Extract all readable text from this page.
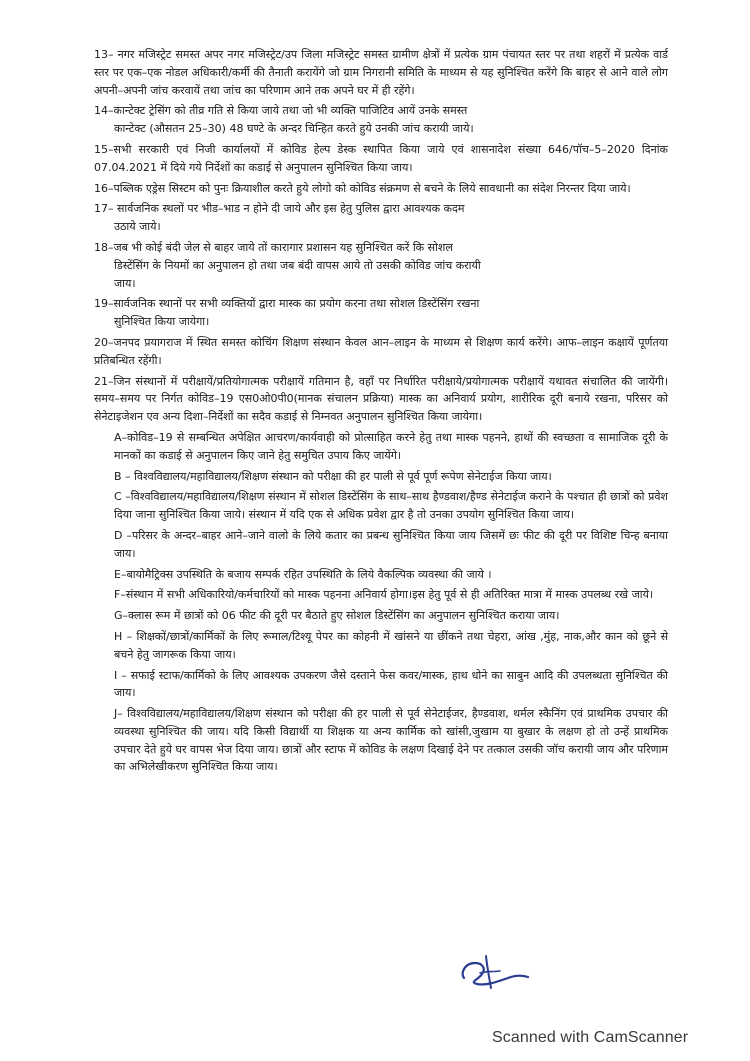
13– नगर मजिस्ट्रेट समस्त अपर नगर मजिस्ट्रेट/उप जिला मजिस्ट्रेट समस्त ग्रामीण क्षेत्रों में प्रत्येक ग्राम पंचायत स्तर पर तथा शहरों में प्रत्येक वार्ड स्तर पर एक–एक नोडल अधिकारी/कर्मी की तैनाती करायेंगे जो ग्राम निगरानी समिति के माध्यम से यह सुनिश्चित करेंगे कि बाहर से आने वाले लोग अपनी–अपनी जांच करवायें तथा जांच का परिणाम आने तक अपने घर में ही रहेंगे।

14–कान्टेक्ट ट्रेसिंग को तीव्र गति से किया जाये तथा जो भी व्यक्ति पाजिटिव आयें उनके समस्त

कान्टेक्ट (औसतन 25–30) 48 घण्टे के अन्दर चिन्हित करते हुये उनकी जांच करायी जाये।

15–सभी सरकारी एवं निजी कार्यालयों में कोविड हेल्प डेस्क स्थापित किया जाये एवं शासनादेश संख्या 646/पॉच–5–2020 दिनांक 07.04.2021 में दिये गये निर्देशों का कडाई से अनुपालन सुनिश्चित किया जाय।

16–पब्लिक एड्रेस सिस्टम को पुनः क्रियाशील करते हुये लोगो को कोविड संक्रमण से बचने के लिये सावधानी का संदेश निरन्तर दिया जाये।

17– सार्वजनिक स्थलों पर भीड–भाड न होने दी जाये और इस हेतु पुलिस द्वारा आवश्यक कदम

उठाये जाये।

18–जब भी कोई बंदी जेल से बाहर जाये तों कारागार प्रशासन यह सुनिश्चित करें कि सोशल

डिस्टेंसिंग के नियमों का अनुपालन हो तथा जब बंदी वापस आये तो उसकी कोविड जांच करायी

जाय।

19–सार्वजनिक स्थानों पर सभी व्यक्तियों द्वारा मास्क का प्रयोग करना तथा सोशल डिस्टेंसिंग रखना

सुनिश्चित किया जायेगा।

20–जनपद प्रयागराज में स्थित समस्त कोचिंग शिक्षण संस्थान केवल आन–लाइन के माध्यम से शिक्षण कार्य करेंगे। आफ–लाइन कक्षायें पूर्णतया प्रतिबन्धित रहेंगी।

21–जिन संस्थानों में परीक्षायें/प्रतियोगात्मक परीक्षायें गतिमान है, वहाँ पर निर्धारित परीक्षाये/प्रयोगात्मक परीक्षायें यथावत संचालित की जायेंगी। समय–समय पर निर्गत कोविड–19 एस0ओ0पी0(मानक संचालन प्रक्रिया) मास्क का अनिवार्य प्रयोग, शारीरिक दूरी बनाये रखना, परिसर को सेनेटाइजेशन एव अन्य दिशा–निर्देशों का सदैव कडाई से निम्नवत अनुपालन सुनिश्चित किया जायेगा।

A–कोविड–19 से सम्बन्धित अपेक्षित आचरण/कार्यवाही को प्रोत्साहित करने हेतु तथा मास्क पहनने, हाथों की स्वच्छता व सामाजिक दूरी के मानकों का कडाई से अनुपालन किए जाने हेतु समुचित उपाय किए जायेंगे।

B – विश्वविद्यालय/महाविद्यालय/शिक्षण संस्थान को परीक्षा की हर पाली से पूर्व पूर्ण रूपेण सेनेटाईज किया जाय।

C –विश्वविद्यालय/महाविद्यालय/शिक्षण संस्थान में सोशल डिस्टेंसिंग के साथ–साथ हैण्डवाश/हैण्ड सेनेटाईज कराने के पश्चात ही छात्रों को प्रवेश दिया जाना सुनिश्चित किया जाये। संस्थान में यदि एक से अधिक प्रवेश द्वार है तो उनका उपयोग सुनिश्चित किया जाय।

D –परिसर के अन्दर–बाहर आने–जाने वालो के लिये कतार का प्रबन्ध सुनिश्चित किया जाय जिसमें छः फीट की दूरी पर विशिष्ट चिन्ह बनाया जाय।

E–बायोमैट्रिक्स उपस्थिति के बजाय सम्पर्क रहित उपस्थिति के लिये वैकल्पिक व्यवस्था की जाये ।

F–संस्थान में सभी अधिकारियो/कर्मचारियों को मास्क पहनना अनिवार्य होगा।इस हेतु पूर्व से ही अतिरिक्त मात्रा में मास्क उपलब्ध रखे जाये।

G–क्लास रूम में छात्रों को 06 फीट की दूरी पर बैठाते हुए सोशल डिस्टेंसिंग का अनुपालन सुनिश्चित कराया जाय।

H – शिक्षकों/छात्रों/कार्मिकों के लिए रूमाल/टिश्यू पेपर का कोहनी में खांसने या छींकने तथा चेहरा, आंख ,मुंह, नाक,और कान को छूने से बचने हेतु जागरूक किया जाय।

I – सफाई स्टाफ/कार्मिको के लिए आवश्यक उपकरण जैसे दस्ताने फेस कवर/मास्क, हाथ धोने का साबुन आदि की उपलब्धता सुनिश्चित की जाय।

J– विश्वविद्यालय/महाविद्यालय/शिक्षण संस्थान को परीक्षा की हर पाली से पूर्व सेनेटाईजर, हैण्डवाश, थर्मल स्कैनिंग एवं प्राथमिक उपचार की व्यवस्था सुनिश्चित की जाय। यदि किसी विद्यार्थी या शिक्षक या अन्य कार्मिक को खांसी,जुखाम या बुखार के लक्षण हो तो उन्हें प्राथमिक उपचार देते हुये घर वापस भेज दिया जाय। छात्रों और स्टाफ में कोविड के लक्षण दिखाई देने पर तत्काल उसकी जॉच करायी जाय और परिणाम का अभिलेखीकरण सुनिश्चित किया जाय।

Scanned with CamScanner
